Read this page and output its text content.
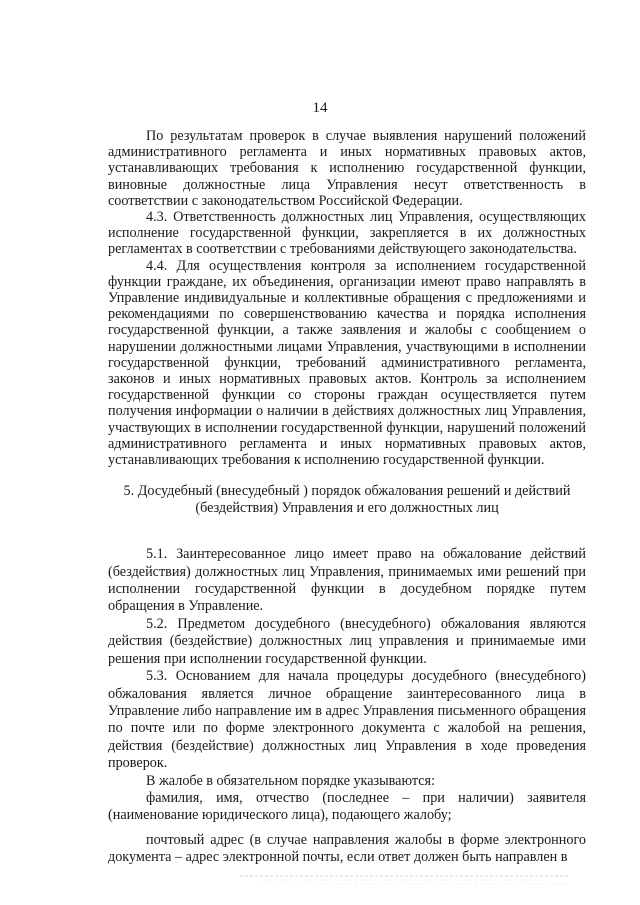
14

По результатам проверок в случае выявления нарушений положений административного регламента и иных нормативных правовых актов, устанавливающих требования к исполнению государственной функции, виновные должностные лица Управления несут ответственность в соответствии с законодательством Российской Федерации.

4.3. Ответственность должностных лиц Управления, осуществляющих исполнение государственной функции, закрепляется в их должностных регламентах в соответствии с требованиями действующего законодательства.

4.4. Для осуществления контроля за исполнением государственной функции граждане, их объединения, организации имеют право направлять в Управление индивидуальные и коллективные обращения с предложениями и рекомендациями по совершенствованию качества и порядка исполнения государственной функции, а также заявления и жалобы с сообщением о нарушении должностными лицами Управления, участвующими в исполнении государственной функции, требований административного регламента, законов и иных нормативных правовых актов. Контроль за исполнением государственной функции со стороны граждан осуществляется путем получения информации о наличии в действиях должностных лиц Управления, участвующих в исполнении государственной функции, нарушений положений административного регламента и иных нормативных правовых актов, устанавливающих требования к исполнению государственной функции.

5. Досудебный (внесудебный ) порядок обжалования решений и действий
(бездействия) Управления и его должностных лиц

5.1. Заинтересованное лицо имеет право на обжалование действий (бездействия) должностных лиц Управления, принимаемых ими решений при исполнении государственной функции в досудебном порядке путем обращения в Управление.

5.2. Предметом досудебного (внесудебного) обжалования являются действия (бездействие) должностных лиц управления и принимаемые ими решения при исполнении государственной функции.

5.3. Основанием для начала процедуры досудебного (внесудебного) обжалования является личное обращение заинтересованного лица в Управление либо направление им в адрес Управления письменного обращения по почте или по форме электронного документа с жалобой на решения, действия (бездействие) должностных лиц Управления в ходе проведения проверок.

В жалобе в обязательном порядке указываются:

фамилия, имя, отчество (последнее – при наличии) заявителя (наименование юридического лица), подающего жалобу;

почтовый адрес (в случае направления жалобы в форме электронного документа – адрес электронной почты, если ответ должен быть направлен в
